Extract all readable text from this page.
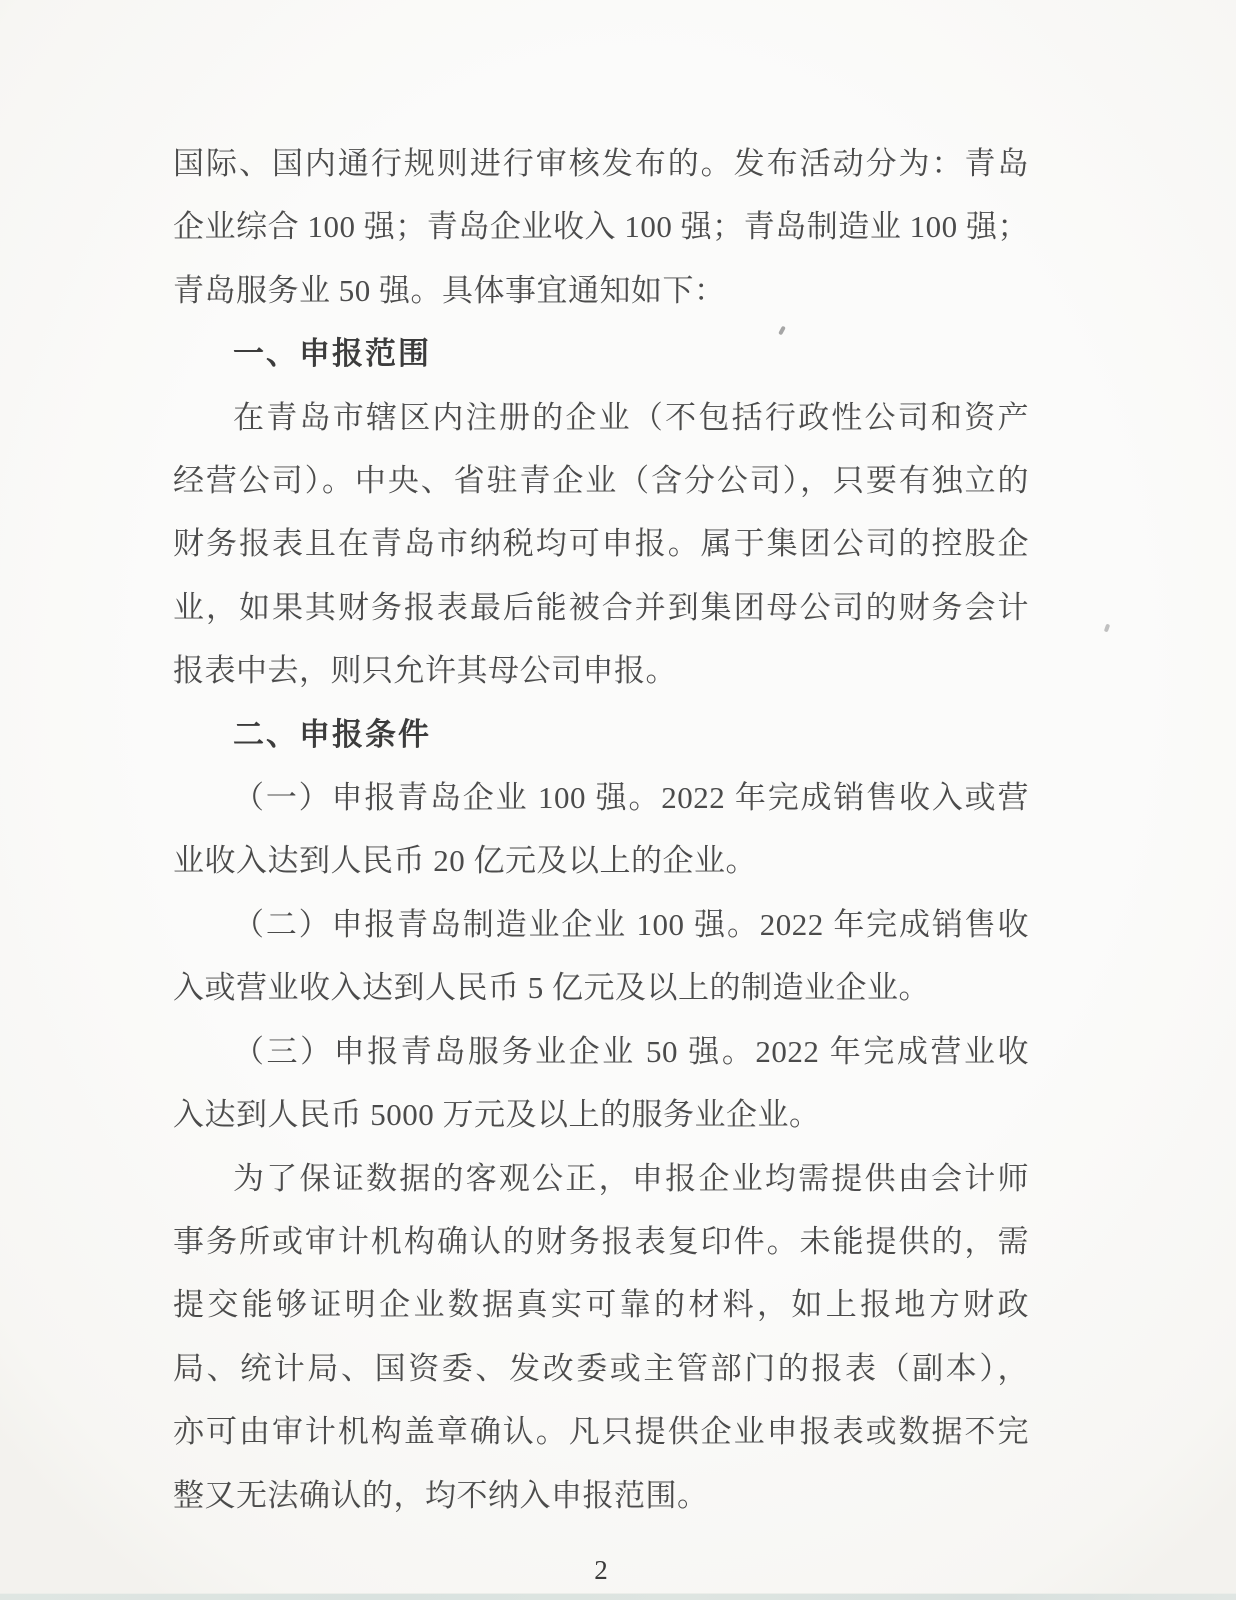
国际、国内通行规则进行审核发布的。发布活动分为：青岛
企业综合 100 强；青岛企业收入 100 强；青岛制造业 100 强；
青岛服务业 50 强。具体事宜通知如下：
一、申报范围
在青岛市辖区内注册的企业（不包括行政性公司和资产
经营公司）。中央、省驻青企业（含分公司），只要有独立的
财务报表且在青岛市纳税均可申报。属于集团公司的控股企
业，如果其财务报表最后能被合并到集团母公司的财务会计
报表中去，则只允许其母公司申报。
二、申报条件
（一）申报青岛企业 100 强。2022 年完成销售收入或营
业收入达到人民币 20 亿元及以上的企业。
（二）申报青岛制造业企业 100 强。2022 年完成销售收
入或营业收入达到人民币 5 亿元及以上的制造业企业。
（三）申报青岛服务业企业 50 强。2022 年完成营业收
入达到人民币 5000 万元及以上的服务业企业。
为了保证数据的客观公正，申报企业均需提供由会计师
事务所或审计机构确认的财务报表复印件。未能提供的，需
提交能够证明企业数据真实可靠的材料，如上报地方财政
局、统计局、国资委、发改委或主管部门的报表（副本），
亦可由审计机构盖章确认。凡只提供企业申报表或数据不完
整又无法确认的，均不纳入申报范围。
2
